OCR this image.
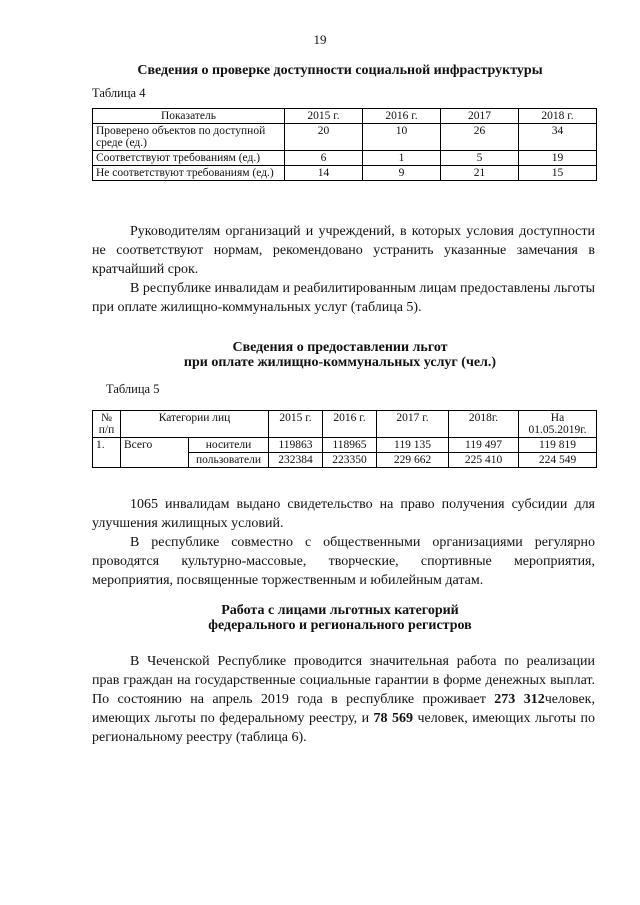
19
Сведения о проверке доступности социальной инфраструктуры
Таблица 4
Показатель	2015 г.	2016 г.	2017	2018 г.
Проверено объектов по доступной среде (ед.)	20	10	26	34
Соответствуют требованиям (ед.)	6	1	5	19
Не соответствуют требованиям (ед.)	14	9	21	15

Руководителям организаций и учреждений, в которых условия доступности не соответствуют нормам, рекомендовано устранить указанные замечания в кратчайший срок.

В республике инвалидам и реабилитированным лицам предоставлены льготы при оплате жилищно-коммунальных услуг (таблица 5).

Сведения о предоставлении льгот
при оплате жилищно-коммунальных услуг (чел.)
Таблица 5
№ п/п	Категории лиц		2015 г.	2016 г.	2017 г.	2018г.	На 01.05.2019г.
1.	Всего	носители	119863	118965	119 135	119 497	119 819
		пользователи	232384	223350	229 662	225 410	224 549

1065 инвалидам выдано свидетельство на право получения субсидии для улучшения жилищных условий.

В республике совместно с общественными организациями регулярно проводятся культурно-массовые, творческие, спортивные мероприятия, мероприятия, посвященные торжественным и юбилейным датам.

Работа с лицами льготных категорий
федерального и регионального регистров

В Чеченской Республике проводится значительная работа по реализации прав граждан на государственные социальные гарантии в форме денежных выплат. По состоянию на апрель 2019 года в республике проживает 273 312человек, имеющих льготы по федеральному реестру, и 78 569 человек, имеющих льготы по региональному реестру (таблица 6).
